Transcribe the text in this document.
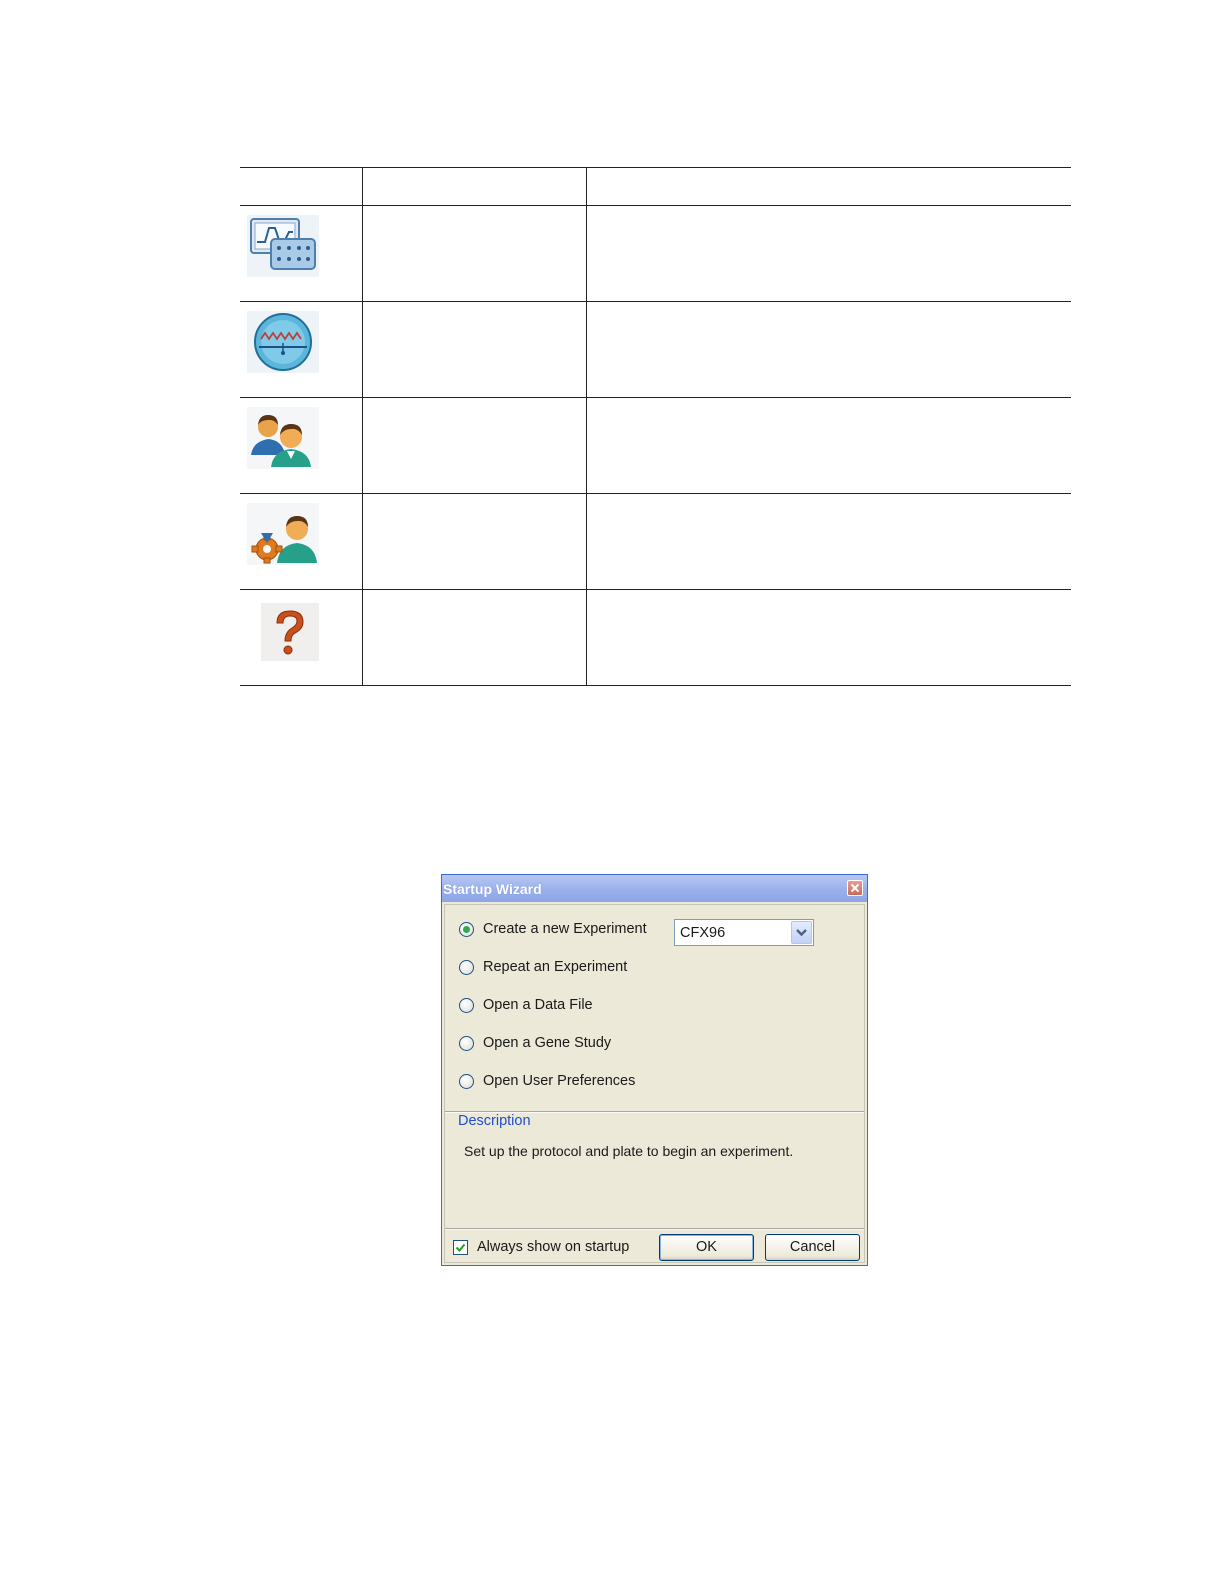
Startup Wizard
Create a new Experiment
Repeat an Experiment
Open a Data File
Open a Gene Study
Open User Preferences
CFX96
Description
Set up the protocol and plate to begin an experiment.
Always show on startup	OK	Cancel
